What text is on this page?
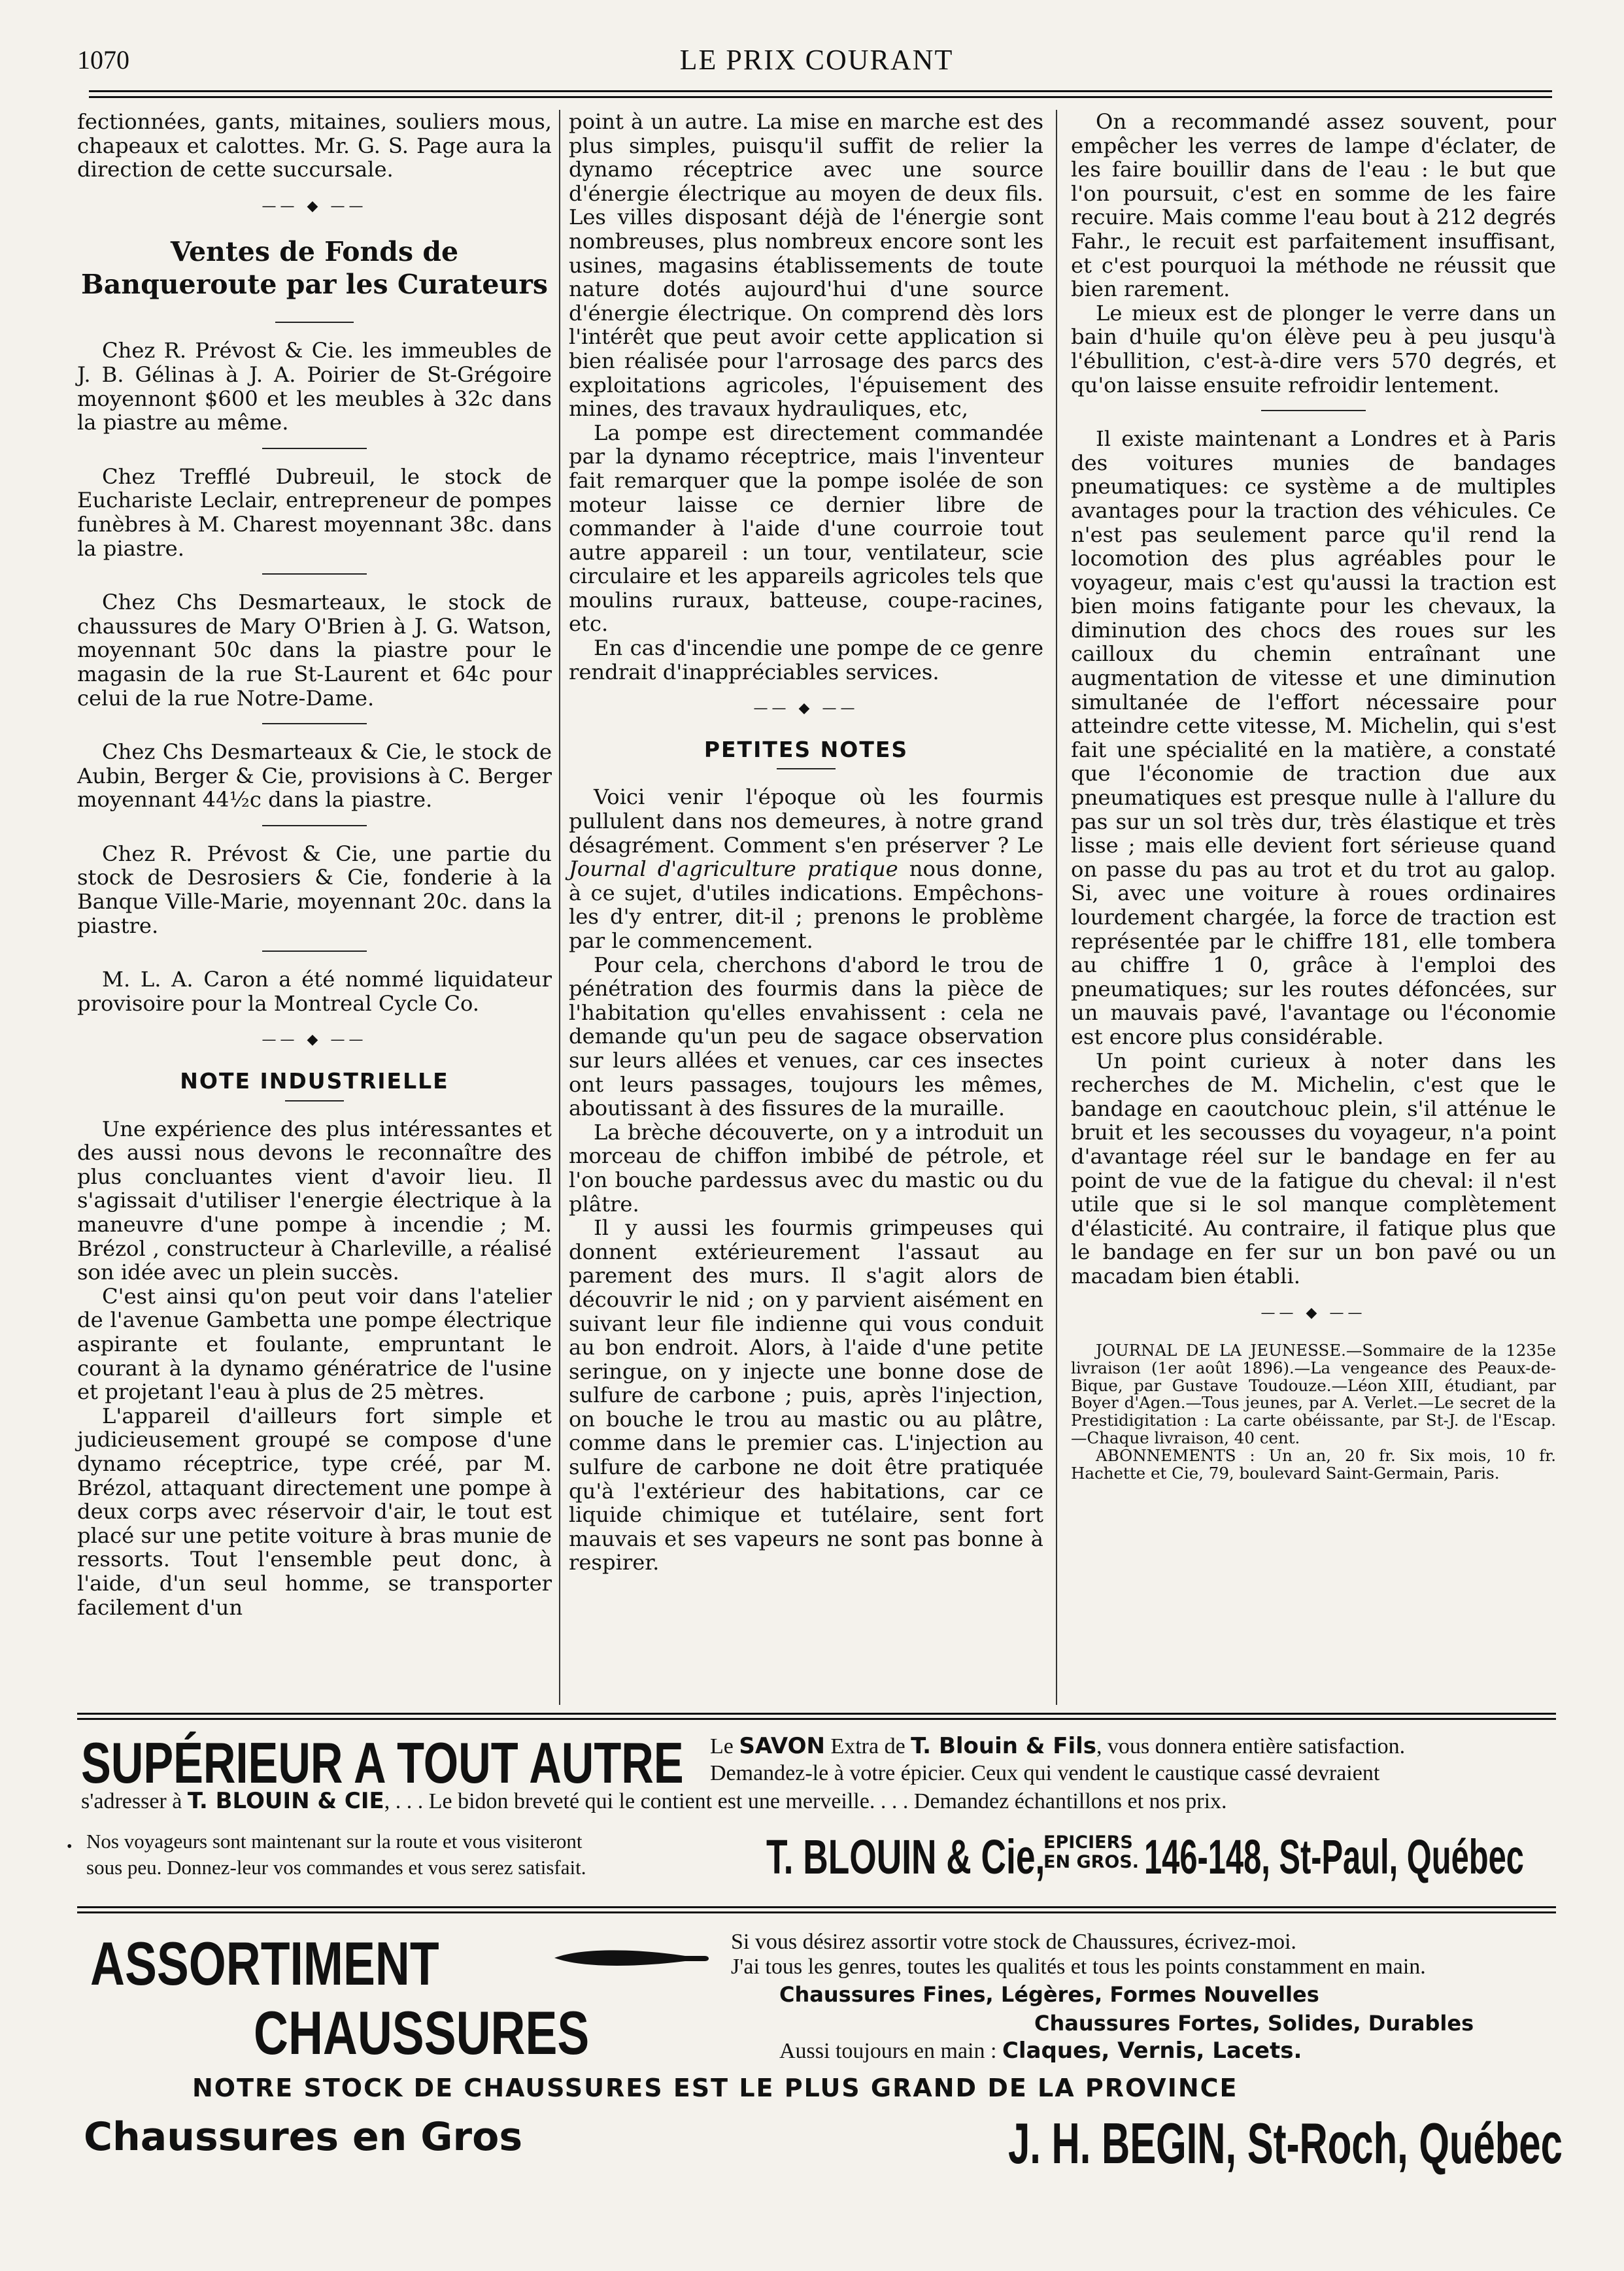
1070	LE PRIX COURANT

fectionnées, gants, mitaines, souliers mous, chapeaux et calottes. Mr. G. S. Page aura la direction de cette succursale.

—— ◆ ——
Ventes de Fonds de Banqueroute par les Curateurs

Chez R. Prévost & Cie. les immeubles de J. B. Gélinas à J. A. Poirier de St-Grégoire moyennont $600 et les meubles à 32c dans la piastre au même.

Chez Trefflé Dubreuil, le stock de Eucharistе Leclair, entrepreneur de pompes funèbres à M. Charest moyennant 38c. dans la piastre.

Chez Chs Desmarteaux, le stock de chaussures de Mary O'Brien à J. G. Watson, moyennant 50c dans la piastre pour le magasin de la rue St-Laurent et 64c pour celui de la rue Notre-Dame.

Chez Chs Desmarteaux & Cie, le stock de Aubin, Berger & Cie, provisions à C. Berger moyennant 44½c dans la piastre.

Chez R. Prévost & Cie, une partie du stock de Desrosiers & Cie, fonderie à la Banque Ville-Marie, moyennant 20c. dans la piastre.

M. L. A. Caron a été nommé liquidateur provisoire pour la Montreal Cycle Co.

—— ◆ ——
NOTE INDUSTRIELLE

Une expérience des plus intéressantes et des aussi nous devons le reconnaître des plus concluantes vient d'avoir lieu. Il s'agissait d'utiliser l'energie électrique à la maneuvre d'une pompe à incendie ; M. Brézol , constructeur à Charleville, a réalisé son idée avec un plein succès.

C'est ainsi qu'on peut voir dans l'atelier de l'avenue Gambetta une pompe électrique aspirante et foulante, empruntant le courant à la dynamo génératrice de l'usine et projetant l'eau à plus de 25 mètres.

L'appareil d'ailleurs fort simple et judicieusement groupé se compose d'une dynamo réceptrice, type créé, par M. Brézol, attaquant directement une pompe à deux corps avec réservoir d'air, le tout est placé sur une petite voiture à bras munie de ressorts. Tout l'ensemble peut donc, à l'aide, d'un seul homme, se transporter facilement d'un

point à un autre. La mise en marche est des plus simples, puisqu'il suffit de relier la dynamo réceptrice avec une source d'énergie électrique au moyen de deux fils. Les villes disposant déjà de l'énergie sont nombreuses, plus nombreux encore sont les usines, magasins établissements de toute nature dotés aujourd'hui d'une source d'énergie électrique. On comprend dès lors l'intérêt que peut avoir cette application si bien réalisée pour l'arrosage des parcs des exploitations agricoles, l'épuisement des mines, des travaux hydrauliques, etc,

La pompe est directement commandée par la dynamo réceptrice, mais l'inventeur fait remarquer que la pompe isolée de son moteur laisse ce dernier libre de commander à l'aide d'une courroie tout autre appareil : un tour, ventilateur, scie circulaire et les appareils agricoles tels que moulins ruraux, batteuse, coupe-racines, etc.

En cas d'incendie une pompe de ce genre rendrait d'inappréciables services.

—— ◆ ——
PETITES NOTES

Voici venir l'époque où les fourmis pullulent dans nos demeures, à notre grand désagrément. Comment s'en préserver ? Le Journal d'agriculture pratique nous donne, à ce sujet, d'utiles indications. Empêchons-les d'y entrer, dit-il ; prenons le problème par le commencement.

Pour cela, cherchons d'abord le trou de pénétration des fourmis dans la pièce de l'habitation qu'elles envahissent : cela ne demande qu'un peu de sagace observation sur leurs allées et venues, car ces insectes ont leurs passages, toujours les mêmes, aboutissant à des fissures de la muraille.

La brèche découverte, on y a introduit un morceau de chiffon imbibé de pétrole, et l'on bouche pardessus avec du mastic ou du plâtre.

Il y aussi les fourmis grimpeuses qui donnent extérieurement l'assaut au parement des murs. Il s'agit alors de découvrir le nid ; on y parvient aisément en suivant leur file indienne qui vous conduit au bon endroit. Alors, à l'aide d'une petite seringue, on y injecte une bonne dose de sulfure de carbone ; puis, après l'injection, on bouche le trou au mastic ou au plâtre, comme dans le premier cas. L'injection au sulfure de carbone ne doit être pratiquée qu'à l'extérieur des habitations, car ce liquide chimique et tutélaire, sent fort mauvais et ses vapeurs ne sont pas bonne à respirer.

On a recommandé assez souvent, pour empêcher les verres de lampe d'éclater, de les faire bouillir dans de l'eau : le but que l'on poursuit, c'est en somme de les faire recuire. Mais comme l'eau bout à 212 degrés Fahr., le recuit est parfaitement insuffisant, et c'est pourquoi la méthode ne réussit que bien rarement.

Le mieux est de plonger le verre dans un bain d'huile qu'on élève peu à peu jusqu'à l'ébullition, c'est-à-dire vers 570 degrés, et qu'on laisse ensuite refroidir lentement.

Il existe maintenant a Londres et à Paris des voitures munies de bandages pneumatiques: ce système a de multiples avantages pour la traction des véhicules. Ce n'est pas seulement parce qu'il rend la locomotion des plus agréables pour le voyageur, mais c'est qu'aussi la traction est bien moins fatigante pour les chevaux, la diminution des chocs des roues sur les cailloux du chemin entraînant une augmentation de vitesse et une diminution simultanée de l'effort nécessaire pour atteindre cette vitesse, M. Michelin, qui s'est fait une spécialité en la matière, a constaté que l'économie de traction due aux pneumatiques est presque nulle à l'allure du pas sur un sol très dur, très élastique et très lisse ; mais elle devient fort sérieuse quand on passe du pas au trot et du trot au galop. Si, avec une voiture à roues ordinaires lourdement chargée, la force de traction est représentée par le chiffre 181, elle tombera au chiffre 1 0, grâce à l'emploi des pneumatiques; sur les routes défoncées, sur un mauvais pavé, l'avantage ou l'économie est encore plus considérable.

Un point curieux à noter dans les recherches de M. Michelin, c'est que le bandage en caoutchouc plein, s'il atténue le bruit et les secousses du voyageur, n'a point d'avantage réel sur le bandage en fer au point de vue de la fatigue du cheval: il n'est utile que si le sol manque complètement d'élasticité. Au contraire, il fatique plus que le bandage en fer sur un bon pavé ou un macadam bien établi.

—— ◆ ——

JOURNAL DE LA JEUNESSE.—Sommaire de la 1235e livraison (1er août 1896).—La vengeance des Peaux-de-Bique, par Gustave Toudouze.—Léon XIII, étudiant, par Boyer d'Agen.—Tous jeunes, par A. Verlet.—Le secret de la Prestidigitation : La carte obéissante, par St-J. de l'Escap.—Chaque livraison, 40 cent.

ABONNEMENTS : Un an, 20 fr. Six mois, 10 fr. Hachette et Cie, 79, boulevard Saint-Germain, Paris.

SUPÉRIEUR A TOUT AUTRE	Le SAVON Extra de T. Blouin & Fils, vous donnera entière satisfaction.
Demandez-le à votre épicier. Ceux qui vendent le caustique cassé devraient
s'adresser à T. BLOUIN & CIE, . . . Le bidon breveté qui le contient est une merveille. . . . Demandez échantillons et nos prix.
• Nos voyageurs sont maintenant sur la route et vous visiteront
sous peu. Donnez-leur vos commandes et vous serez satisfait.	T. BLOUIN & Cie,
EPICIERS
EN GROS. 146-148, St-Paul, Québec
ASSORTIMENT
CHAUSSURES
Si vous désirez assortir votre stock de Chaussures, écrivez-moi.
J'ai tous les genres, toutes les qualités et tous les points constamment en main.
Chaussures Fines, Légères, Formes Nouvelles
Chaussures Fortes, Solides, Durables
Aussi toujours en main : Claques, Vernis, Lacets.
NOTRE STOCK DE CHAUSSURES EST LE PLUS GRAND DE LA PROVINCE
Chaussures en Gros	J. H. BEGIN, St-Roch, Québec
